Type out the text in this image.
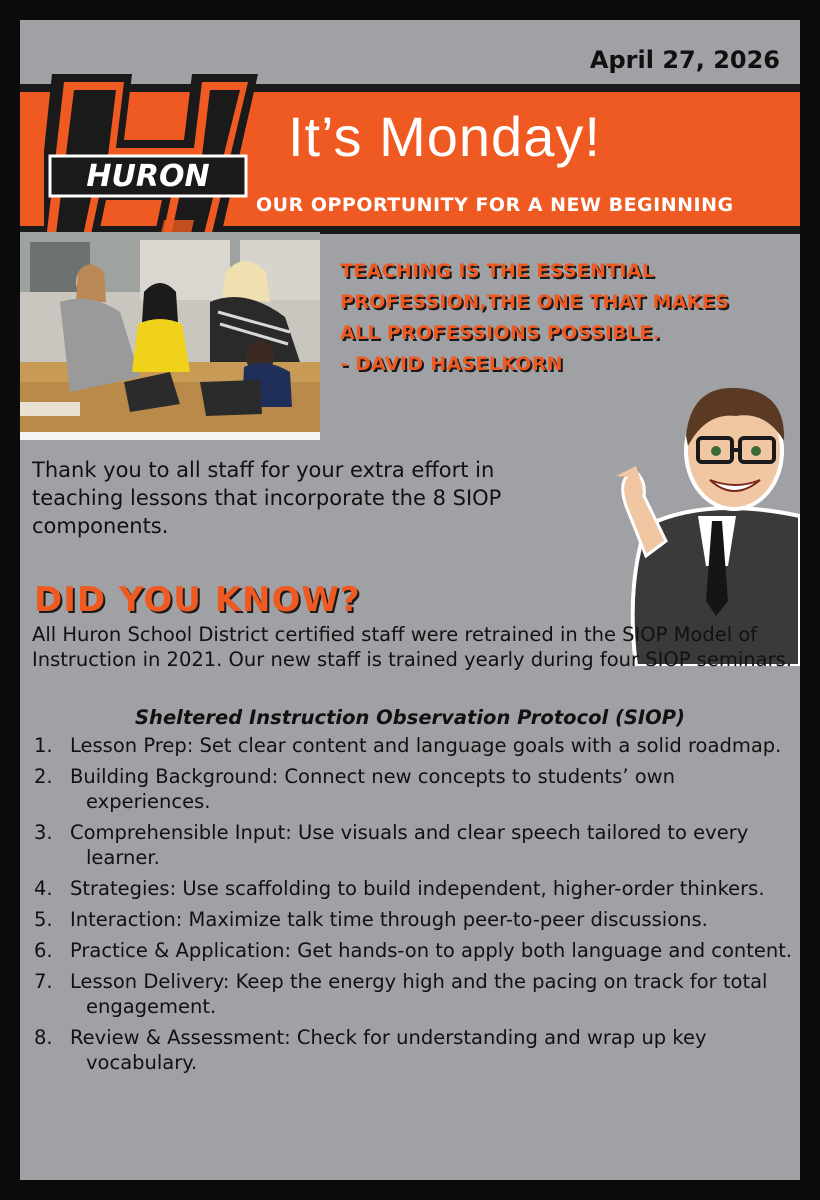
April 27, 2026
It’s Monday!
OUR OPPORTUNITY FOR A NEW BEGINNING
HURON
TEACHING IS THE ESSENTIAL
PROFESSION,THE ONE THAT MAKES
ALL PROFESSIONS POSSIBLE.
- DAVID HASELKORN
Thank you to all staff for your extra effort in teaching lessons that incorporate the 8 SIOP components.
DID YOU KNOW?
All Huron School District certified staff were retrained in the SIOP Model of Instruction in 2021. Our new staff is trained yearly during four SIOP seminars.
Sheltered Instruction Observation Protocol (SIOP)
1. Lesson Prep: Set clear content and language goals with a solid roadmap.
2. Building Background: Connect new concepts to students’ own experiences.
3. Comprehensible Input: Use visuals and clear speech tailored to every learner.
4. Strategies: Use scaffolding to build independent, higher-order thinkers.
5. Interaction: Maximize talk time through peer-to-peer discussions.
6. Practice & Application: Get hands-on to apply both language and content.
7. Lesson Delivery: Keep the energy high and the pacing on track for total engagement.
8. Review & Assessment: Check for understanding and wrap up key vocabulary.
